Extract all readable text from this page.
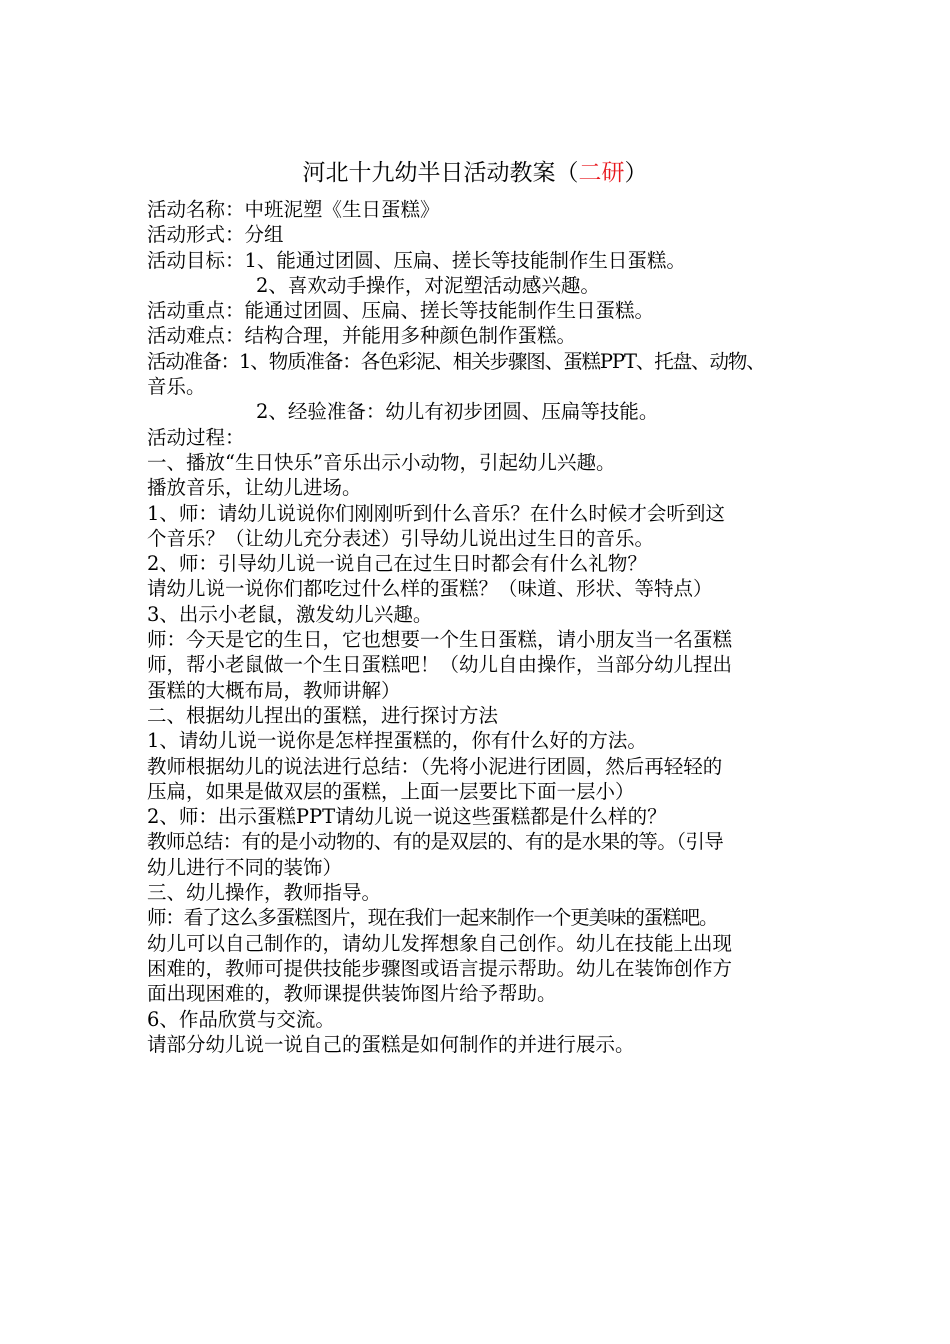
河北十九幼半日活动教案（二研）
活动名称：中班泥塑《生日蛋糕》
活动形式：分组
活动目标：1、能通过团圆、压扁、搓长等技能制作生日蛋糕。
2、喜欢动手操作，对泥塑活动感兴趣。
活动重点：能通过团圆、压扁、搓长等技能制作生日蛋糕。
活动难点：结构合理，并能用多种颜色制作蛋糕。
活动准备：1、物质准备：各色彩泥、相关步骤图、蛋糕PPT、托盘、动物、
音乐。
2、经验准备：幼儿有初步团圆、压扁等技能。
活动过程：
一、播放“生日快乐”音乐出示小动物，引起幼儿兴趣。
播放音乐，让幼儿进场。
1、师：请幼儿说说你们刚刚听到什么音乐？在什么时候才会听到这
个音乐？（让幼儿充分表述）引导幼儿说出过生日的音乐。
2、师：引导幼儿说一说自己在过生日时都会有什么礼物？
请幼儿说一说你们都吃过什么样的蛋糕？（味道、形状、等特点）
3、出示小老鼠，激发幼儿兴趣。
师：今天是它的生日，它也想要一个生日蛋糕，请小朋友当一名蛋糕
师，帮小老鼠做一个生日蛋糕吧！（幼儿自由操作，当部分幼儿捏出
蛋糕的大概布局，教师讲解）
二、根据幼儿捏出的蛋糕，进行探讨方法
1、请幼儿说一说你是怎样捏蛋糕的，你有什么好的方法。
教师根据幼儿的说法进行总结：（先将小泥进行团圆，然后再轻轻的
压扁，如果是做双层的蛋糕，上面一层要比下面一层小）
2、师：出示蛋糕PPT请幼儿说一说这些蛋糕都是什么样的？
教师总结：有的是小动物的、有的是双层的、有的是水果的等。（引导
幼儿进行不同的装饰）
三、幼儿操作，教师指导。
师：看了这么多蛋糕图片，现在我们一起来制作一个更美味的蛋糕吧。
幼儿可以自己制作的，请幼儿发挥想象自己创作。幼儿在技能上出现
困难的，教师可提供技能步骤图或语言提示帮助。幼儿在装饰创作方
面出现困难的，教师课提供装饰图片给予帮助。
6、作品欣赏与交流。
请部分幼儿说一说自己的蛋糕是如何制作的并进行展示。
